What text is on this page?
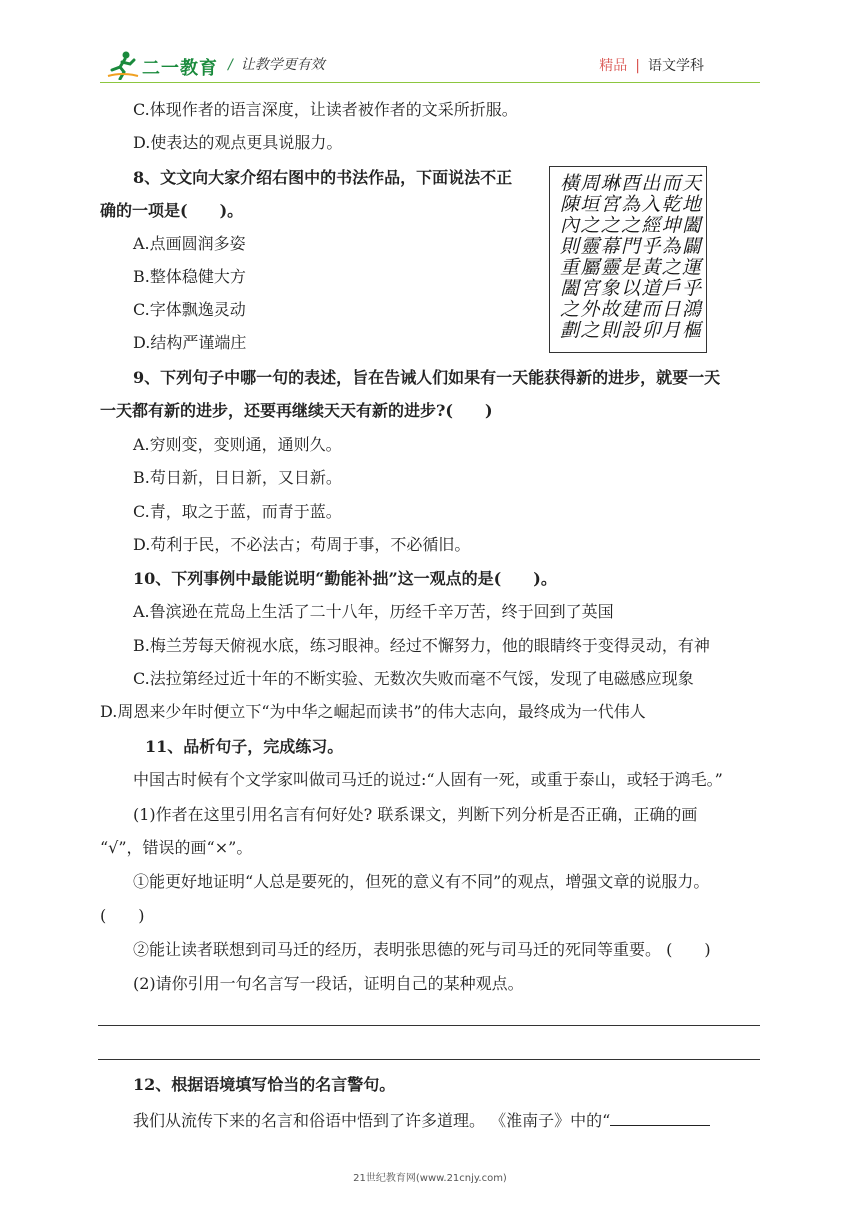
二一教育 / 让教学更有效	精品 | 语文学科
C.体现作者的语言深度，让读者被作者的文采所折服。
D.使表达的观点更具说服力。
8、文文向大家介绍右图中的书法作品，下面说法不正
确的一项是(　　)。
A.点画圆润多姿
B.整体稳健大方
C.字体飘逸灵动
D.结构严谨端庄
天地闔闢運乎鴻樞
而乾坤為之戶日月
出入經乎黃道而卯
酉為之門是以建設
琳宮之幕靈象故則
周垣之靈屬宮外之
橫陳內則重闔之劃
9、下列句子中哪一句的表述，旨在告诫人们如果有一天能获得新的进步，就要一天
一天都有新的进步，还要再继续天天有新的进步?(　　)
A.穷则变，变则通，通则久。
B.苟日新，日日新，又日新。
C.青，取之于蓝，而青于蓝。
D.苟利于民，不必法古；苟周于事，不必循旧。
10、下列事例中最能说明“勤能补拙”这一观点的是(　　)。
A.鲁滨逊在荒岛上生活了二十八年，历经千辛万苦，终于回到了英国
B.梅兰芳每天俯视水底，练习眼神。经过不懈努力，他的眼睛终于变得灵动，有神
C.法拉第经过近十年的不断实验、无数次失败而毫不气馁，发现了电磁感应现象
D.周恩来少年时便立下“为中华之崛起而读书”的伟大志向，最终成为一代伟人
11、品析句子，完成练习。
中国古时候有个文学家叫做司马迁的说过:“人固有一死，或重于泰山，或轻于鸿毛。”
(1)作者在这里引用名言有何好处? 联系课文，判断下列分析是否正确，正确的画
“√”，错误的画“×”。
①能更好地证明“人总是要死的，但死的意义有不同”的观点，增强文章的说服力。
(　　)
②能让读者联想到司马迁的经历，表明张思德的死与司马迁的死同等重要。 (　　)
(2)请你引用一句名言写一段话，证明自己的某种观点。
12、根据语境填写恰当的名言警句。
我们从流传下来的名言和俗语中悟到了许多道理。 《淮南子》中的“
21世纪教育网(www.21cnjy.com)
